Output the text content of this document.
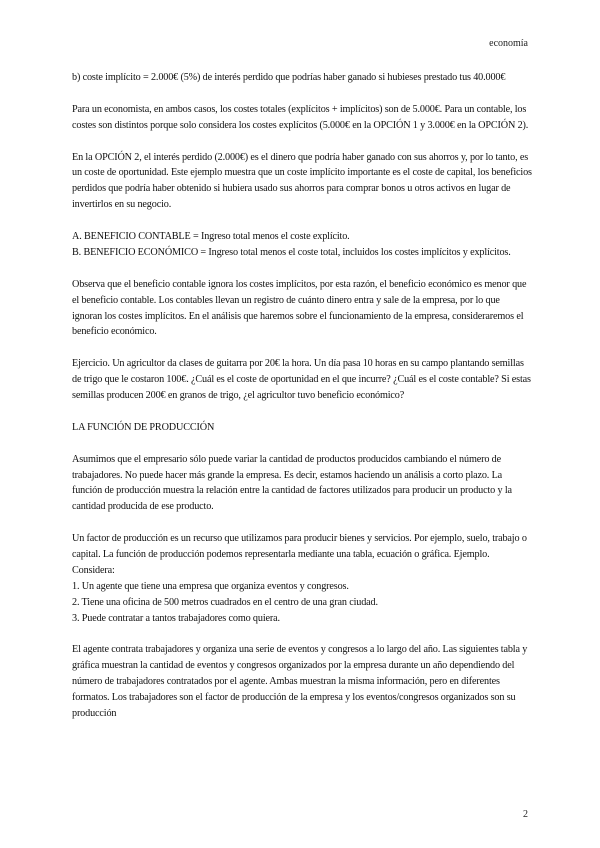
economía

b) coste implícito = 2.000€ (5%) de interés perdido que podrías haber ganado si hubieses prestado tus 40.000€

Para un economista, en ambos casos, los costes totales (explícitos + implícitos) son de 5.000€. Para un contable, los costes son distintos porque solo considera los costes explícitos (5.000€ en la OPCIÓN 1 y 3.000€ en la OPCIÓN 2).

En la OPCIÓN 2, el interés perdido (2.000€) es el dinero que podría haber ganado con sus ahorros y, por lo tanto, es un coste de oportunidad. Este ejemplo muestra que un coste implícito importante es el coste de capital, los beneficios perdidos que podría haber obtenido si hubiera usado sus ahorros para comprar bonos u otros activos en lugar de invertirlos en su negocio.

A. BENEFICIO CONTABLE = Ingreso total menos el coste explícito.

B. BENEFICIO ECONÓMICO = Ingreso total menos el coste total, incluidos los costes implícitos y explícitos.

Observa que el beneficio contable ignora los costes implícitos, por esta razón, el beneficio económico es menor que el beneficio contable. Los contables llevan un registro de cuánto dinero entra y sale de la empresa, por lo que ignoran los costes implícitos. En el análisis que haremos sobre el funcionamiento de la empresa, consideraremos el beneficio económico.

Ejercicio. Un agricultor da clases de guitarra por 20€ la hora. Un día pasa 10 horas en su campo plantando semillas de trigo que le costaron 100€. ¿Cuál es el coste de oportunidad en el que incurre? ¿Cuál es el coste contable? Si estas semillas producen 200€ en granos de trigo, ¿el agricultor tuvo beneficio económico?

LA FUNCIÓN DE PRODUCCIÓN

Asumimos que el empresario sólo puede variar la cantidad de productos producidos cambiando el número de trabajadores. No puede hacer más grande la empresa. Es decir, estamos haciendo un análisis a corto plazo. La función de producción muestra la relación entre la cantidad de factores utilizados para producir un producto y la cantidad producida de ese producto.

Un factor de producción es un recurso que utilizamos para producir bienes y servicios. Por ejemplo, suelo, trabajo o capital. La función de producción podemos representarla mediante una tabla, ecuación o gráfica. Ejemplo. Considera:

1. Un agente que tiene una empresa que organiza eventos y congresos.

2. Tiene una oficina de 500 metros cuadrados en el centro de una gran ciudad.

3. Puede contratar a tantos trabajadores como quiera.

El agente contrata trabajadores y organiza una serie de eventos y congresos a lo largo del año. Las siguientes tabla y gráfica muestran la cantidad de eventos y congresos organizados por la empresa durante un año dependiendo del número de trabajadores contratados por el agente. Ambas muestran la misma información, pero en diferentes formatos. Los trabajadores son el factor de producción de la empresa y los eventos/congresos organizados son su producción

2
